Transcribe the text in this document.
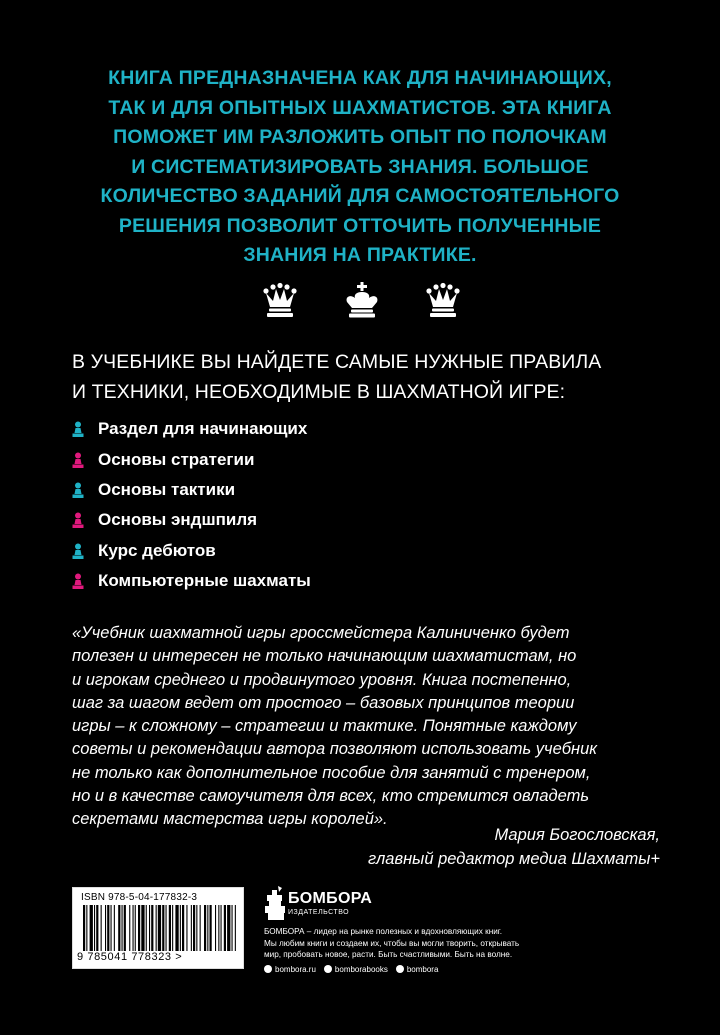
КНИГА ПРЕДНАЗНАЧЕНА КАК ДЛЯ НАЧИНАЮЩИХ,
ТАК И ДЛЯ ОПЫТНЫХ ШАХМАТИСТОВ. ЭТА КНИГА
ПОМОЖЕТ ИМ РАЗЛОЖИТЬ ОПЫТ ПО ПОЛОЧКАМ
И СИСТЕМАТИЗИРОВАТЬ ЗНАНИЯ. БОЛЬШОЕ
КОЛИЧЕСТВО ЗАДАНИЙ ДЛЯ САМОСТОЯТЕЛЬНОГО
РЕШЕНИЯ ПОЗВОЛИТ ОТТОЧИТЬ ПОЛУЧЕННЫЕ
ЗНАНИЯ НА ПРАКТИКЕ.
В УЧЕБНИКЕ ВЫ НАЙДЕТЕ САМЫЕ НУЖНЫЕ ПРАВИЛА
И ТЕХНИКИ, НЕОБХОДИМЫЕ В ШАХМАТНОЙ ИГРЕ:
Раздел для начинающих
Основы стратегии
Основы тактики
Основы эндшпиля
Курс дебютов
Компьютерные шахматы
«Учебник шахматной игры гроссмейстера Калиниченко будет
полезен и интересен не только начинающим шахматистам, но
и игрокам среднего и продвинутого уровня. Книга постепенно,
шаг за шагом ведет от простого – базовых принципов теории
игры – к сложному – стратегии и тактике. Понятные каждому
советы и рекомендации автора позволяют использовать учебник
не только как дополнительное пособие для занятий с тренером,
но и в качестве самоучителя для всех, кто стремится овладеть
секретами мастерства игры королей».
Мария Богословская,
главный редактор медиа Шахматы+
ISBN 978-5-04-177832-3
9 785041 778323 >
БОМБОРА
ИЗДАТЕЛЬСТВО
БОМБОРА – лидер на рынке полезных и вдохновляющих книг.
Мы любим книги и создаем их, чтобы вы могли творить, открывать
мир, пробовать новое, расти. Быть счастливыми. Быть на волне.
bombora.ru bomborabooks bombora
